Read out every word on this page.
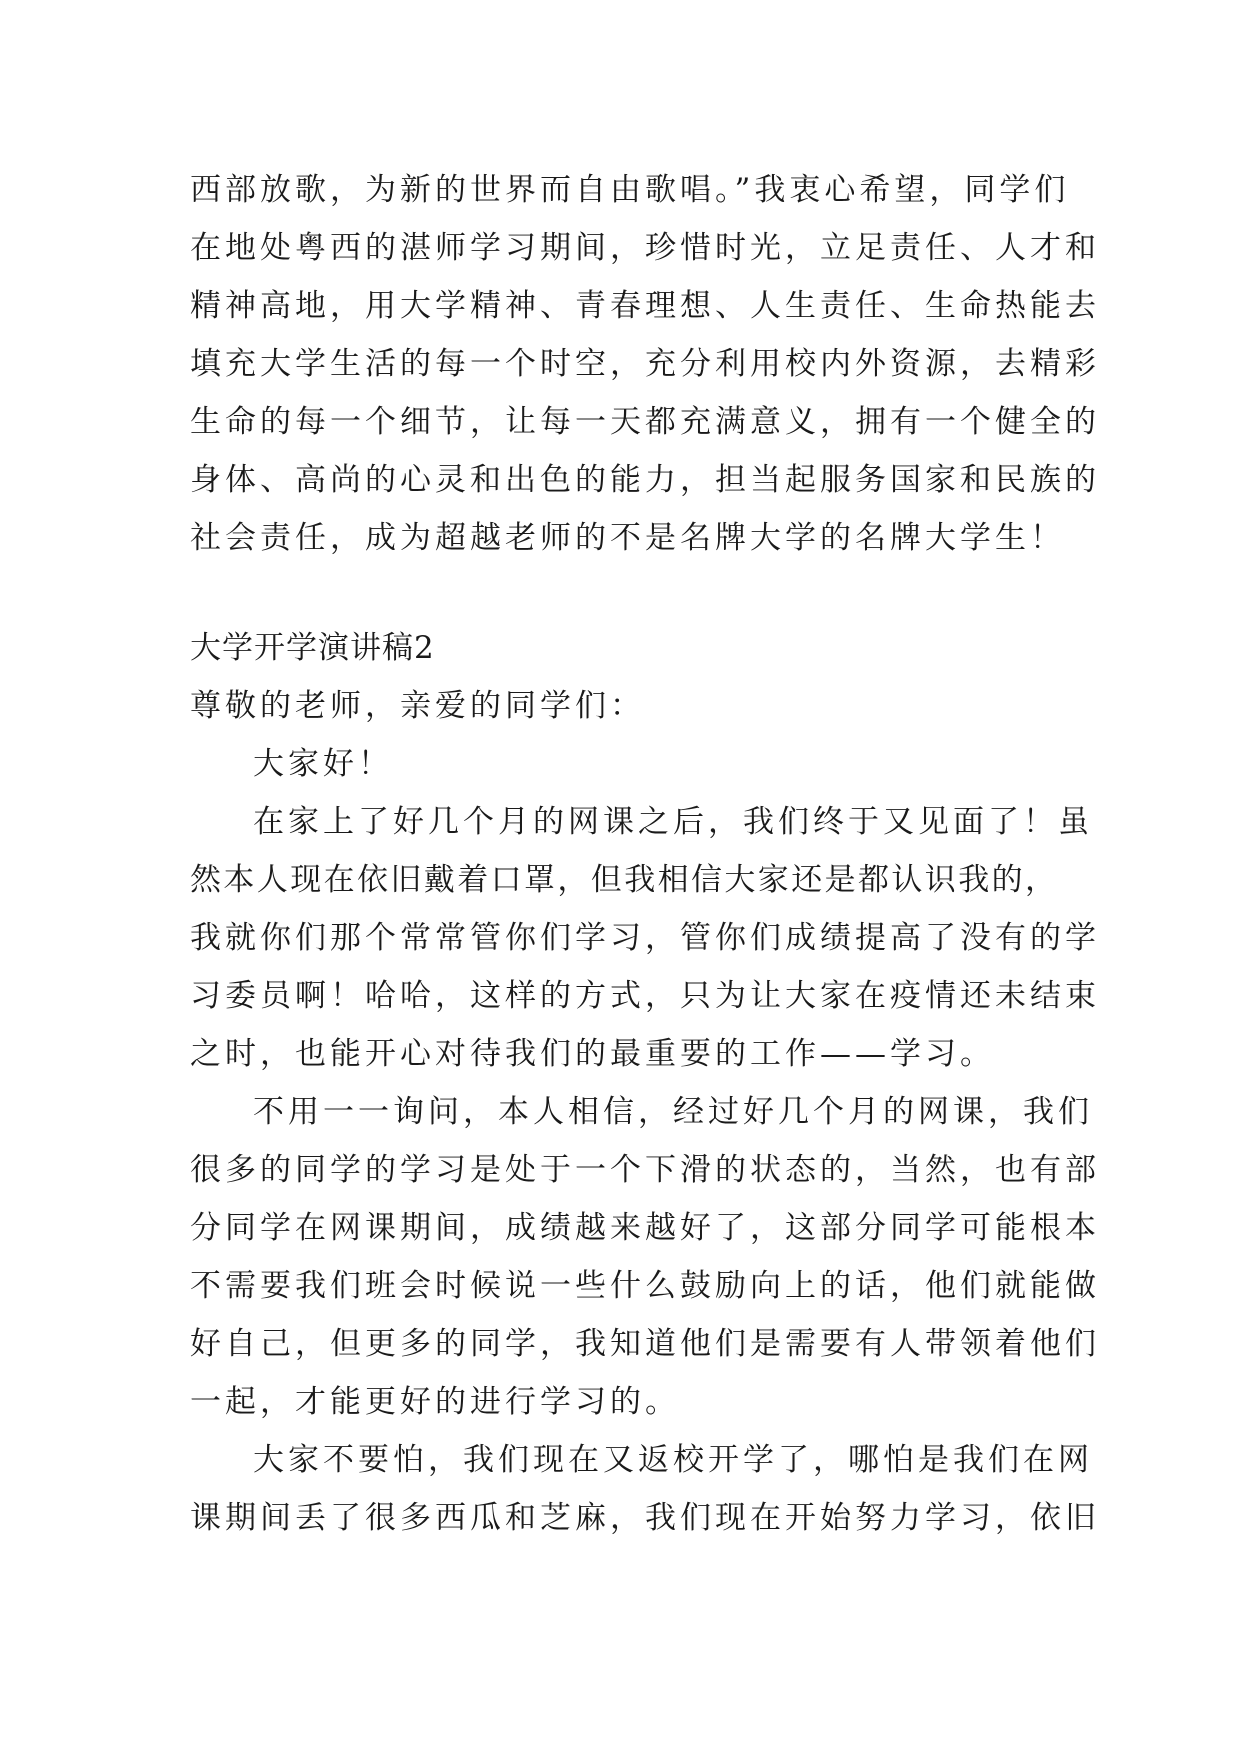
西部放歌，为新的世界而自由歌唱。”我衷心希望，同学们
在地处粤西的湛师学习期间，珍惜时光，立足责任、人才和
精神高地，用大学精神、青春理想、人生责任、生命热能去
填充大学生活的每一个时空，充分利用校内外资源，去精彩
生命的每一个细节，让每一天都充满意义，拥有一个健全的
身体、高尚的心灵和出色的能力，担当起服务国家和民族的
社会责任，成为超越老师的不是名牌大学的名牌大学生！
大学开学演讲稿2
尊敬的老师，亲爱的同学们：
大家好！
在家上了好几个月的网课之后，我们终于又见面了！虽
然本人现在依旧戴着口罩，但我相信大家还是都认识我的，
我就你们那个常常管你们学习，管你们成绩提高了没有的学
习委员啊！哈哈，这样的方式，只为让大家在疫情还未结束
之时，也能开心对待我们的最重要的工作——学习。
不用一一询问，本人相信，经过好几个月的网课，我们
很多的同学的学习是处于一个下滑的状态的，当然，也有部
分同学在网课期间，成绩越来越好了，这部分同学可能根本
不需要我们班会时候说一些什么鼓励向上的话，他们就能做
好自己，但更多的同学，我知道他们是需要有人带领着他们
一起，才能更好的进行学习的。
大家不要怕，我们现在又返校开学了，哪怕是我们在网
课期间丢了很多西瓜和芝麻，我们现在开始努力学习，依旧
